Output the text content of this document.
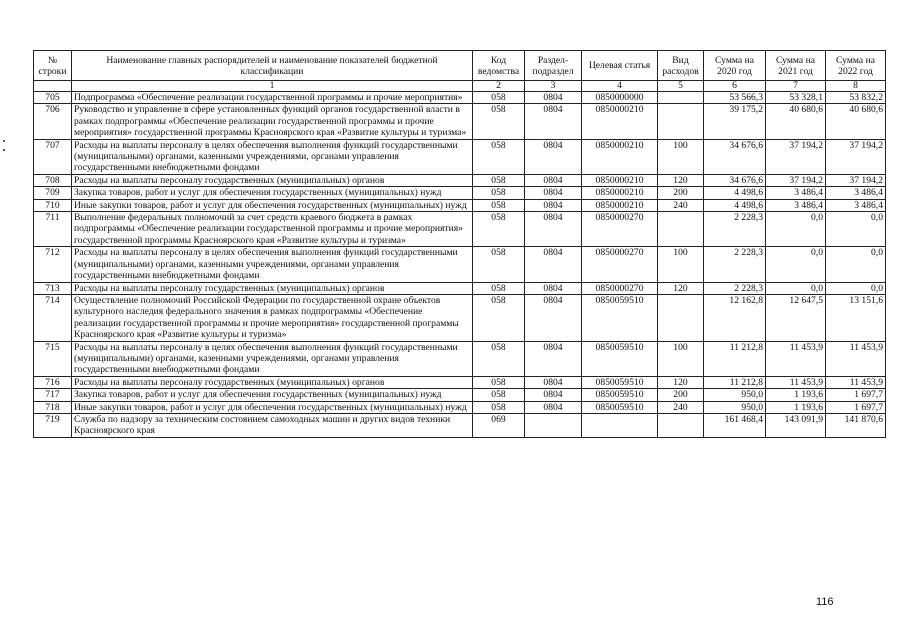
№ строки	Наименование главных распорядителей и наименование показателей бюджетной классификации	Код ведомства	Раздел-подраздел	Целевая статья	Вид расходов	Сумма на 2020 год	Сумма на 2021 год	Сумма на 2022 год
	1	2	3	4	5	6	7	8
705	Подпрограмма «Обеспечение реализации государственной программы и прочие мероприятия»	058	0804	0850000000		53 566,3	53 328,1	53 832,2
706	Руководство и управление в сфере установленных функций органов государственной власти в рамках подпрограммы «Обеспечение реализации государственной программы и прочие мероприятия» государственной программы Красноярского края «Развитие культуры и туризма»	058	0804	0850000210		39 175,2	40 680,6	40 680,6
707	Расходы на выплаты персоналу в целях обеспечения выполнения функций государственными (муниципальными) органами, казенными учреждениями, органами управления государственными внебюджетными фондами	058	0804	0850000210	100	34 676,6	37 194,2	37 194,2
708	Расходы на выплаты персоналу государственных (муниципальных) органов	058	0804	0850000210	120	34 676,6	37 194,2	37 194,2
709	Закупка товаров, работ и услуг для обеспечения государственных (муниципальных) нужд	058	0804	0850000210	200	4 498,6	3 486,4	3 486,4
710	Иные закупки товаров, работ и услуг для обеспечения государственных (муниципальных) нужд	058	0804	0850000210	240	4 498,6	3 486,4	3 486,4
711	Выполнение федеральных полномочий за счет средств краевого бюджета в рамках подпрограммы «Обеспечение реализации государственной программы и прочие мероприятия» государственной программы Красноярского края «Развитие культуры и туризма»	058	0804	0850000270		2 228,3	0,0	0,0
712	Расходы на выплаты персоналу в целях обеспечения выполнения функций государственными (муниципальными) органами, казенными учреждениями, органами управления государственными внебюджетными фондами	058	0804	0850000270	100	2 228,3	0,0	0,0
713	Расходы на выплаты персоналу государственных (муниципальных) органов	058	0804	0850000270	120	2 228,3	0,0	0,0
714	Осуществление полномочий Российской Федерации по государственной охране объектов культурного наследия федерального значения в рамках подпрограммы «Обеспечение реализации государственной программы и прочие мероприятия» государственной программы Красноярского края «Развитие культуры и туризма»	058	0804	0850059510		12 162,8	12 647,5	13 151,6
715	Расходы на выплаты персоналу в целях обеспечения выполнения функций государственными (муниципальными) органами, казенными учреждениями, органами управления государственными внебюджетными фондами	058	0804	0850059510	100	11 212,8	11 453,9	11 453,9
716	Расходы на выплаты персоналу государственных (муниципальных) органов	058	0804	0850059510	120	11 212,8	11 453,9	11 453,9
717	Закупка товаров, работ и услуг для обеспечения государственных (муниципальных) нужд	058	0804	0850059510	200	950,0	1 193,6	1 697,7
718	Иные закупки товаров, работ и услуг для обеспечения государственных (муниципальных) нужд	058	0804	0850059510	240	950,0	1 193,6	1 697,7
719	Служба по надзору за техническим состоянием самоходных машин и других видов техники Красноярского края	069				161 468,4	143 091,9	141 870,6
116
